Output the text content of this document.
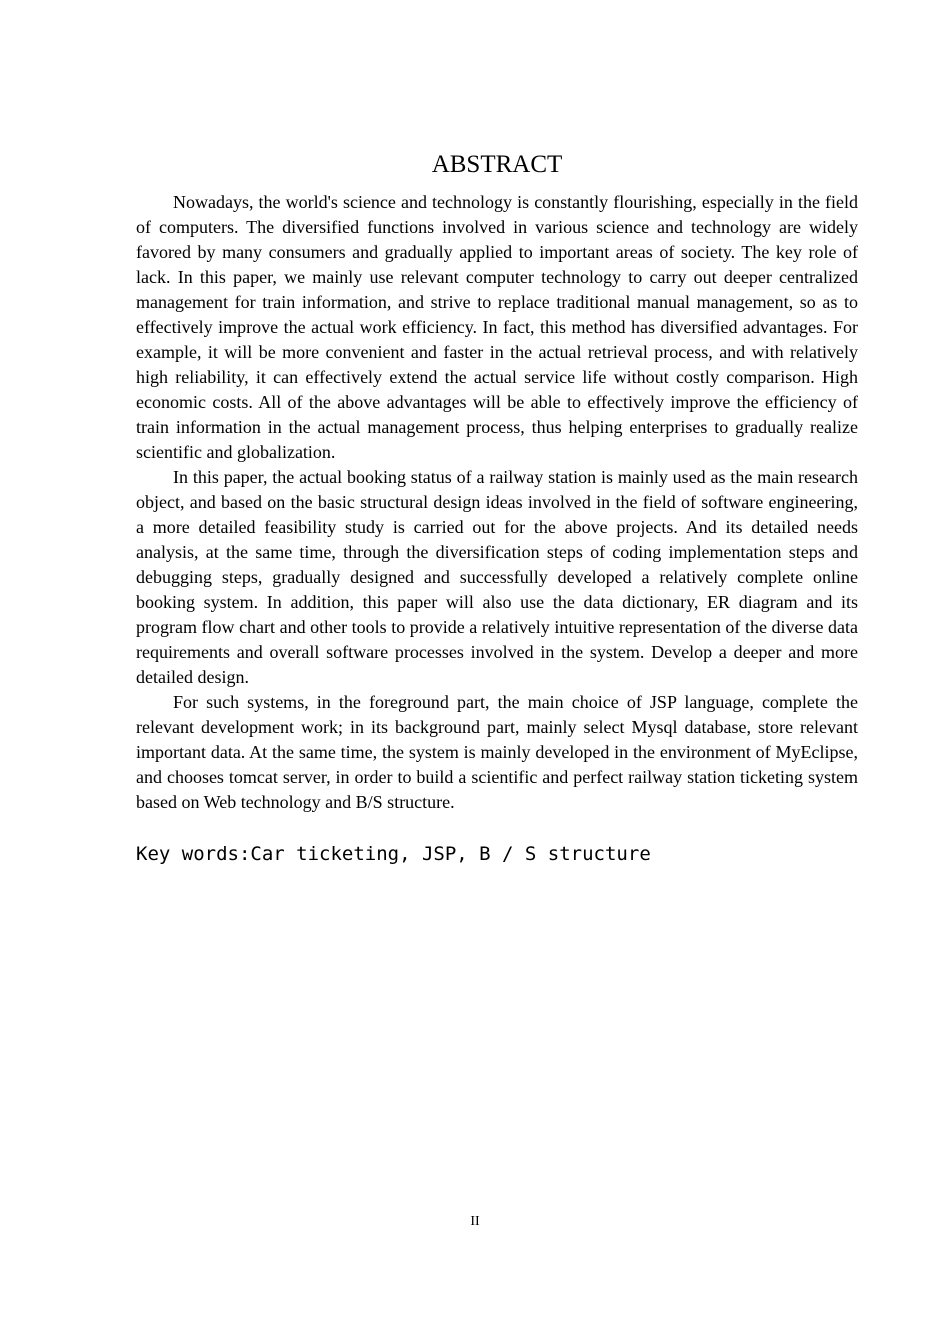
ABSTRACT

Nowadays, the world's science and technology is constantly flourishing, especially in the field of computers. The diversified functions involved in various science and technology are widely favored by many consumers and gradually applied to important areas of society. The key role of lack. In this paper, we mainly use relevant computer technology to carry out deeper centralized management for train information, and strive to replace traditional manual management, so as to effectively improve the actual work efficiency. In fact, this method has diversified advantages. For example, it will be more convenient and faster in the actual retrieval process, and with relatively high reliability, it can effectively extend the actual service life without costly comparison. High economic costs. All of the above advantages will be able to effectively improve the efficiency of train information in the actual management process, thus helping enterprises to gradually realize scientific and globalization.

In this paper, the actual booking status of a railway station is mainly used as the main research object, and based on the basic structural design ideas involved in the field of software engineering, a more detailed feasibility study is carried out for the above projects. And its detailed needs analysis, at the same time, through the diversification steps of coding implementation steps and debugging steps, gradually designed and successfully developed a relatively complete online booking system. In addition, this paper will also use the data dictionary, ER diagram and its program flow chart and other tools to provide a relatively intuitive representation of the diverse data requirements and overall software processes involved in the system. Develop a deeper and more detailed design.

For such systems, in the foreground part, the main choice of JSP language, complete the relevant development work; in its background part, mainly select Mysql database, store relevant important data. At the same time, the system is mainly developed in the environment of MyEclipse, and chooses tomcat server, in order to build a scientific and perfect railway station ticketing system based on Web technology and B/S structure.

Key words:Car ticketing, JSP, B / S structure
II
